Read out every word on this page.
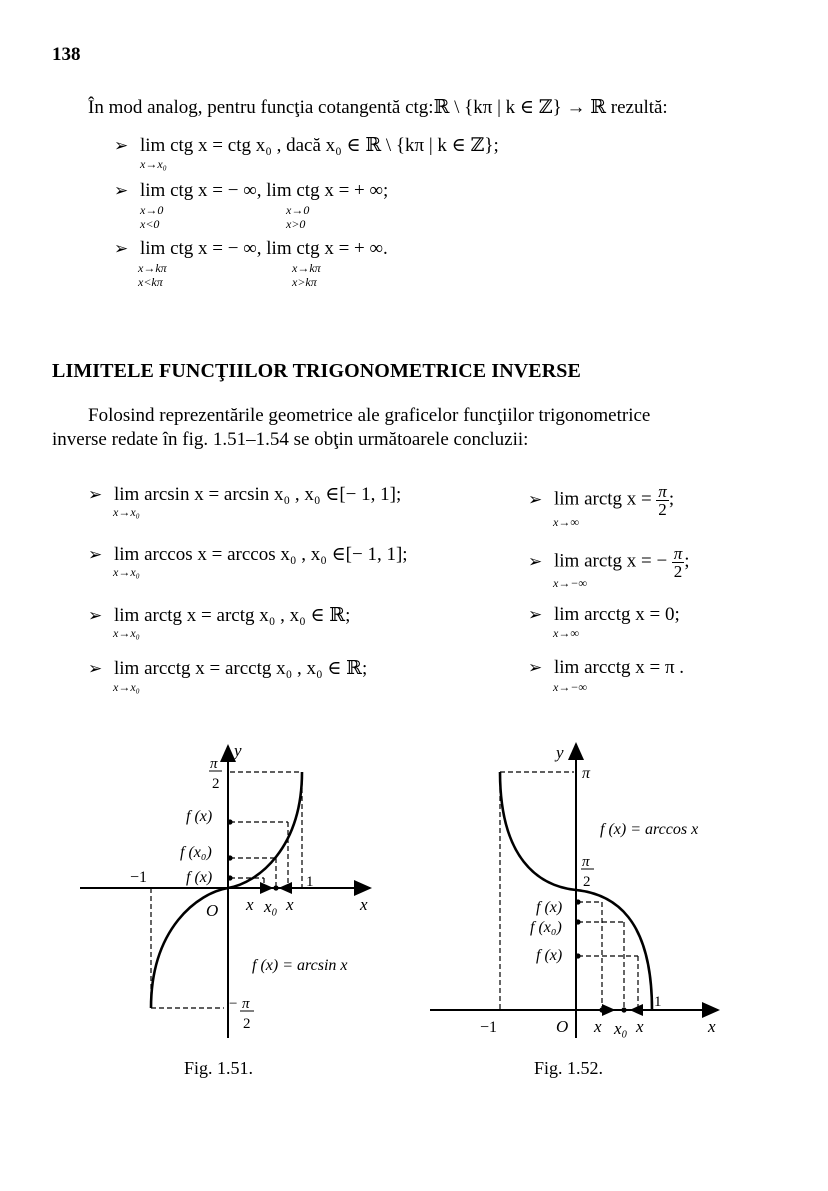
138
În mod analog, pentru funcţia cotangentă ctg:ℝ \ {kπ | k ∈ ℤ} → ℝ rezultă:
➢ lim ctg x = ctg x₀ , dacă x₀ ∈ ℝ \ {kπ | k ∈ ℤ};
x→x₀
➢ lim ctg x = − ∞, lim ctg x = + ∞;
x→0
x<0
x→0
x>0
➢ lim ctg x = − ∞, lim ctg x = + ∞.
x→kπ
x<kπ
x→kπ
x>kπ
LIMITELE FUNCŢIILOR TRIGONOMETRICE INVERSE
Folosind reprezentările geometrice ale graficelor funcţiilor trigonometrice
inverse redate în fig. 1.51–1.54 se obţin următoarele concluzii:
➢ lim arcsin x = arcsin x₀ , x₀ ∈[− 1, 1];
x→x₀
➢ lim arccos x = arccos x₀ , x₀ ∈[− 1, 1];
x→x₀
➢ lim arctg x = arctg x₀ , x₀ ∈ ℝ;
x→x₀
➢ lim arcctg x = arcctg x₀ , x₀ ∈ ℝ;
x→x₀
➢ lim arctg $x = \frac{\pi}{2}$ ;
x→∞
➢ lim arctg x = − $\frac{\pi}{2}$ ;
x→−∞
➢ lim arcctg x = 0;
x→∞
➢ lim arcctg x = π .
x→−∞
y
x
O
π
2
f (x)
f (x₀)
f (x)
−1	1
x x₀ x
f (x) = arcsin x
− π
2
Fig. 1.51.
y
x
O
π
f (x) = arccos x
π
2
f (x)
f (x₀)
f (x)
−1
1
x x₀ x
Fig. 1.52.
